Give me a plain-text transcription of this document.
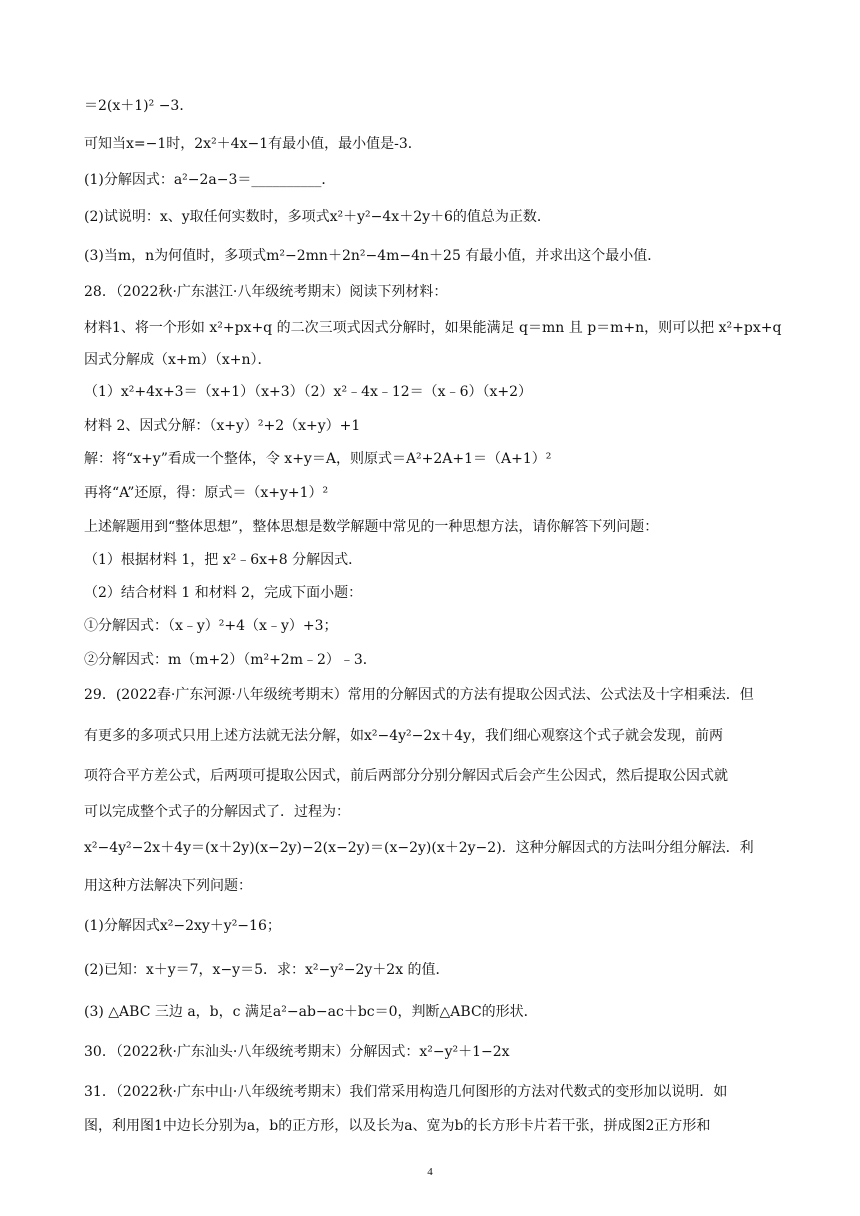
＝2(x＋1)² −3．
可知当x=−1时，2x²＋4x−1有最小值，最小值是-3．
(1)分解因式：a²−2a−3＝__________．
(2)试说明：x、y取任何实数时，多项式x²＋y²−4x＋2y＋6的值总为正数．
(3)当m，n为何值时，多项式m²−2mn＋2n²−4m−4n＋25 有最小值，并求出这个最小值．
28．（2022秋·广东湛江·八年级统考期末）阅读下列材料：
材料1、将一个形如 x²+px+q 的二次三项式因式分解时，如果能满足 q＝mn 且 p＝m+n，则可以把 x²+px+q
因式分解成（x+m）（x+n）．
（1）x²+4x+3＝（x+1）（x+3）（2）x²﹣4x﹣12＝（x﹣6）（x+2）
材料 2、因式分解：（x+y）²+2（x+y）+1
解：将“x+y”看成一个整体，令 x+y＝A，则原式＝A²+2A+1＝（A+1）²
再将“A”还原，得：原式＝（x+y+1）²
上述解题用到“整体思想”，整体思想是数学解题中常见的一种思想方法，请你解答下列问题：
（1）根据材料 1，把 x²﹣6x+8 分解因式．
（2）结合材料 1 和材料 2，完成下面小题：
①分解因式：（x﹣y）²+4（x﹣y）+3；
②分解因式：m（m+2）（m²+2m﹣2）﹣3．
29．(2022春·广东河源·八年级统考期末）常用的分解因式的方法有提取公因式法、公式法及十字相乘法．但
有更多的多项式只用上述方法就无法分解，如x²−4y²−2x＋4y，我们细心观察这个式子就会发现，前两
项符合平方差公式，后两项可提取公因式，前后两部分分别分解因式后会产生公因式，然后提取公因式就
可以完成整个式子的分解因式了．过程为：
x²−4y²−2x＋4y＝(x＋2y)(x−2y)−2(x−2y)＝(x−2y)(x＋2y−2)．这种分解因式的方法叫分组分解法．利
用这种方法解决下列问题：
(1)分解因式x²−2xy＋y²−16；
(2)已知：x＋y＝7，x−y＝5．求：x²−y²−2y＋2x 的值．
(3) △ABC 三边 a，b，c 满足a²−ab−ac＋bc＝0，判断△ABC的形状．
30．（2022秋·广东汕头·八年级统考期末）分解因式：x²−y²＋1−2x
31．（2022秋·广东中山·八年级统考期末）我们常采用构造几何图形的方法对代数式的变形加以说明．如
图，利用图1中边长分别为a，b的正方形，以及长为a、宽为b的长方形卡片若干张，拼成图2正方形和
4
